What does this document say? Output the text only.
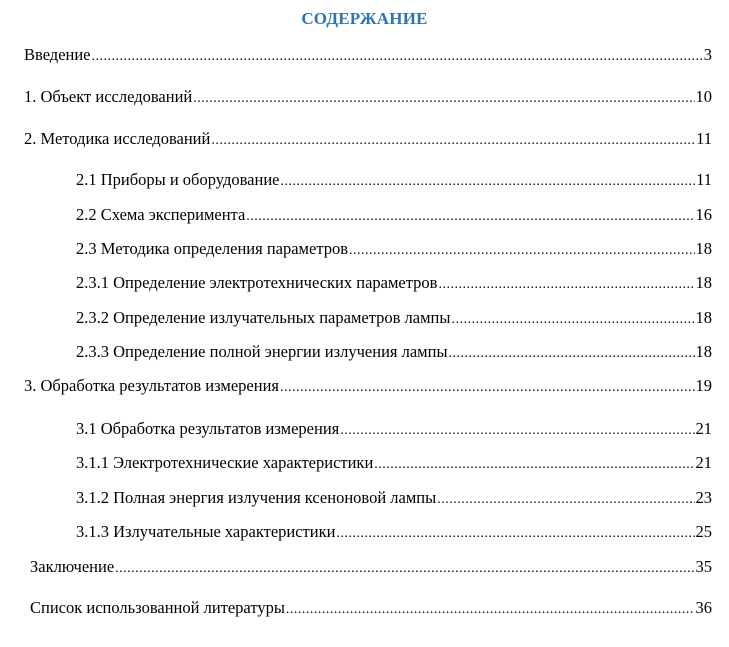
СОДЕРЖАНИЕ
Введение .....	3
1. Объект исследований .....	10
2. Методика исследований .....	11
2.1 Приборы и оборудование .....	11
2.2 Схема эксперимента .....	16
2.3 Методика определения параметров .....	18
2.3.1 Определение электротехнических параметров .....	18
2.3.2 Определение излучательных параметров лампы .....	18
2.3.3 Определение полной энергии излучения лампы .....	18
3. Обработка результатов измерения .....	19
3.1 Обработка результатов измерения .....	21
3.1.1 Электротехнические характеристики .....	21
3.1.2 Полная энергия излучения ксеноновой лампы .....	23
3.1.3 Излучательные характеристики .....	25
Заключение .....	35
Список использованной литературы .....	36
